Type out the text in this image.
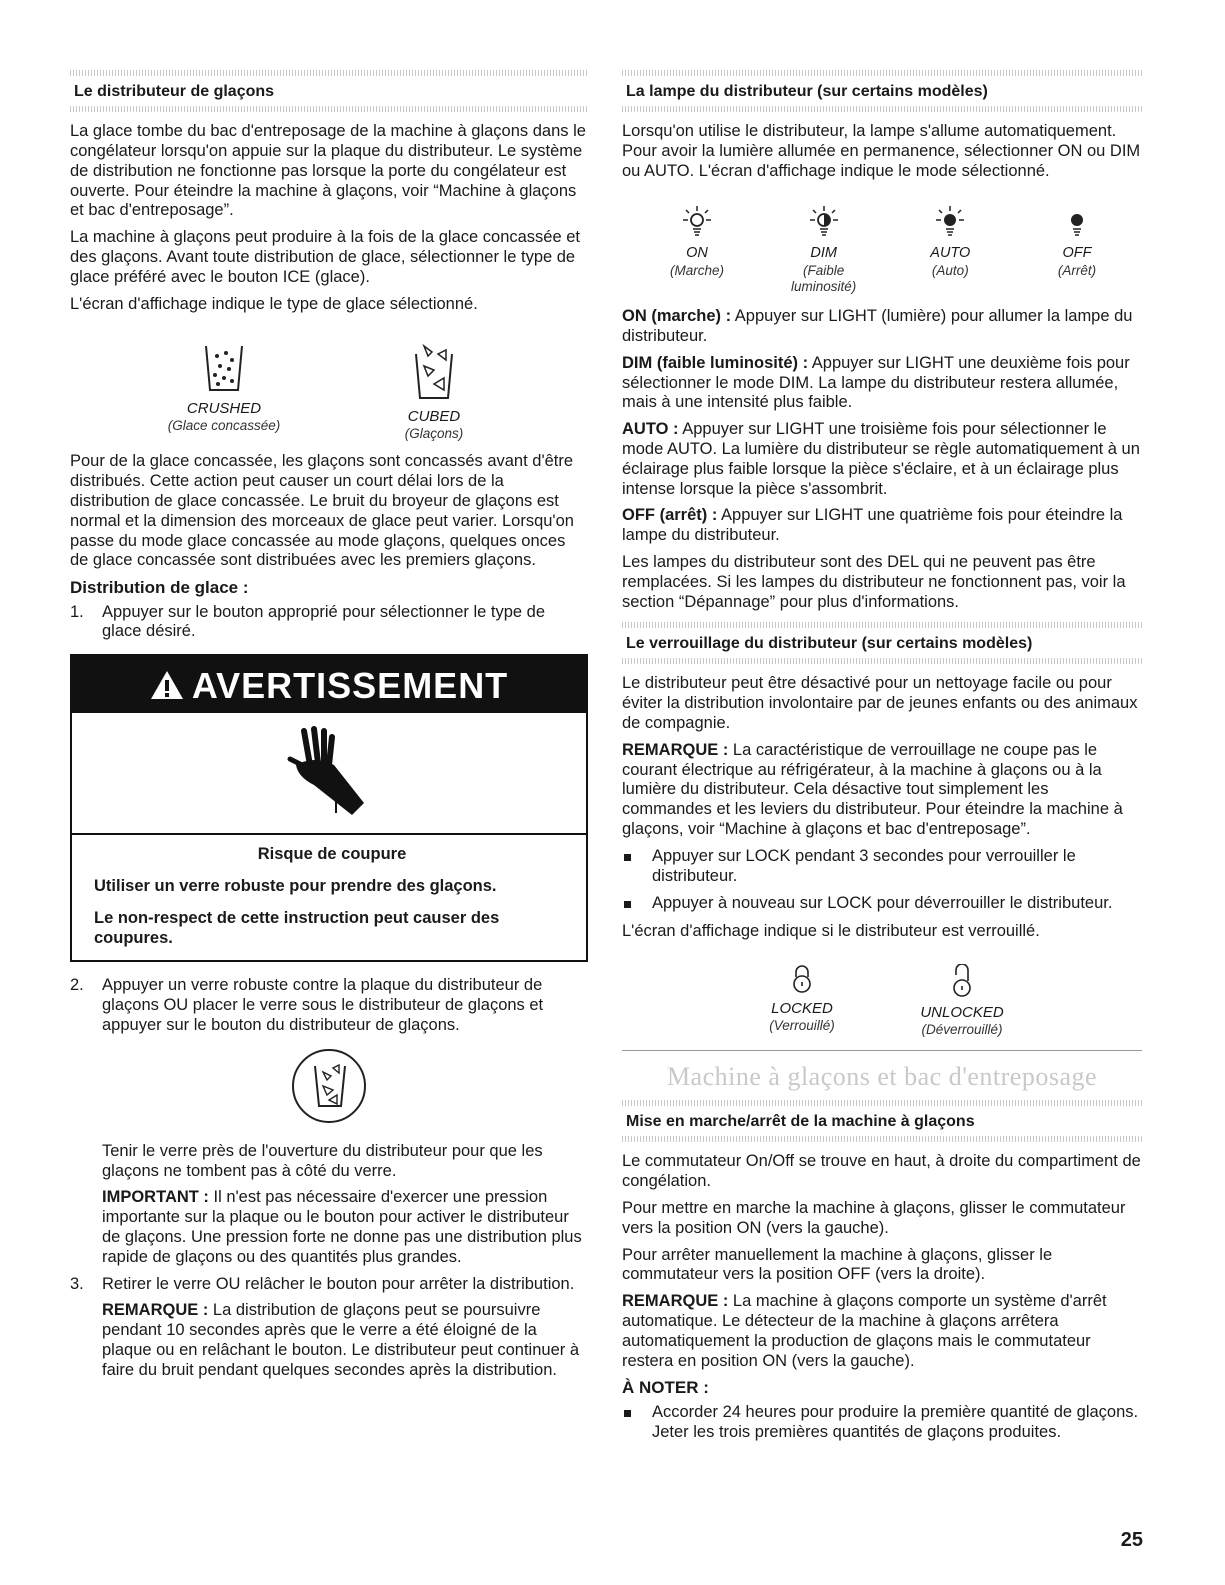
Le distributeur de glaçons

La glace tombe du bac d'entreposage de la machine à glaçons dans le congélateur lorsqu'on appuie sur la plaque du distributeur. Le système de distribution ne fonctionne pas lorsque la porte du congélateur est ouverte. Pour éteindre la machine à glaçons, voir “Machine à glaçons et bac d'entreposage”.

La machine à glaçons peut produire à la fois de la glace concassée et des glaçons. Avant toute distribution de glace, sélectionner le type de glace préféré avec le bouton ICE (glace).

L'écran d'affichage indique le type de glace sélectionné.

CRUSHED
(Glace concassée)
CUBED
(Glaçons)

Pour de la glace concassée, les glaçons sont concassés avant d'être distribués. Cette action peut causer un court délai lors de la distribution de glace concassée. Le bruit du broyeur de glaçons est normal et la dimension des morceaux de glace peut varier. Lorsqu'on passe du mode glace concassée au mode glaçons, quelques onces de glace concassée sont distribuées avec les premiers glaçons.

Distribution de glace :
1.	Appuyer sur le bouton approprié pour sélectionner le type de glace désiré.
AVERTISSEMENT
Risque de coupure

Utiliser un verre robuste pour prendre des glaçons.

Le non-respect de cette instruction peut causer des coupures.

2.	Appuyer un verre robuste contre la plaque du distributeur de glaçons OU placer le verre sous le distributeur de glaçons et appuyer sur le bouton du distributeur de glaçons.

Tenir le verre près de l'ouverture du distributeur pour que les glaçons ne tombent pas à côté du verre.

IMPORTANT : Il n'est pas nécessaire d'exercer une pression importante sur la plaque ou le bouton pour activer le distributeur de glaçons. Une pression forte ne donne pas une distribution plus rapide de glaçons ou des quantités plus grandes.

3.	Retirer le verre OU relâcher le bouton pour arrêter la distribution.

REMARQUE : La distribution de glaçons peut se poursuivre pendant 10 secondes après que le verre a été éloigné de la plaque ou en relâchant le bouton. Le distributeur peut continuer à faire du bruit pendant quelques secondes après la distribution.

La lampe du distributeur (sur certains modèles)

Lorsqu'on utilise le distributeur, la lampe s'allume automatiquement. Pour avoir la lumière allumée en permanence, sélectionner ON ou DIM ou AUTO. L'écran d'affichage indique le mode sélectionné.

ON
(Marche)
DIM
(Faible luminosité)
AUTO
(Auto)
OFF
(Arrêt)

ON (marche) : Appuyer sur LIGHT (lumière) pour allumer la lampe du distributeur.

DIM (faible luminosité) : Appuyer sur LIGHT une deuxième fois pour sélectionner le mode DIM. La lampe du distributeur restera allumée, mais à une intensité plus faible.

AUTO : Appuyer sur LIGHT une troisième fois pour sélectionner le mode AUTO. La lumière du distributeur se règle automatiquement à un éclairage plus faible lorsque la pièce s'éclaire, et à un éclairage plus intense lorsque la pièce s'assombrit.

OFF (arrêt) : Appuyer sur LIGHT une quatrième fois pour éteindre la lampe du distributeur.

Les lampes du distributeur sont des DEL qui ne peuvent pas être remplacées. Si les lampes du distributeur ne fonctionnent pas, voir la section “Dépannage” pour plus d'informations.

Le verrouillage du distributeur (sur certains modèles)

Le distributeur peut être désactivé pour un nettoyage facile ou pour éviter la distribution involontaire par de jeunes enfants ou des animaux de compagnie.

REMARQUE : La caractéristique de verrouillage ne coupe pas le courant électrique au réfrigérateur, à la machine à glaçons ou à la lumière du distributeur. Cela désactive tout simplement les commandes et les leviers du distributeur. Pour éteindre la machine à glaçons, voir “Machine à glaçons et bac d'entreposage”.

Appuyer sur LOCK pendant 3 secondes pour verrouiller le distributeur.
Appuyer à nouveau sur LOCK pour déverrouiller le distributeur.

L'écran d'affichage indique si le distributeur est verrouillé.

LOCKED
(Verrouillé)
UNLOCKED
(Déverrouillé)
Machine à glaçons et bac d'entreposage
Mise en marche/arrêt de la machine à glaçons

Le commutateur On/Off se trouve en haut, à droite du compartiment de congélation.

Pour mettre en marche la machine à glaçons, glisser le commutateur vers la position ON (vers la gauche).

Pour arrêter manuellement la machine à glaçons, glisser le commutateur vers la position OFF (vers la droite).

REMARQUE : La machine à glaçons comporte un système d'arrêt automatique. Le détecteur de la machine à glaçons arrêtera automatiquement la production de glaçons mais le commutateur restera en position ON (vers la gauche).

À NOTER :
Accorder 24 heures pour produire la première quantité de glaçons. Jeter les trois premières quantités de glaçons produites.
25
